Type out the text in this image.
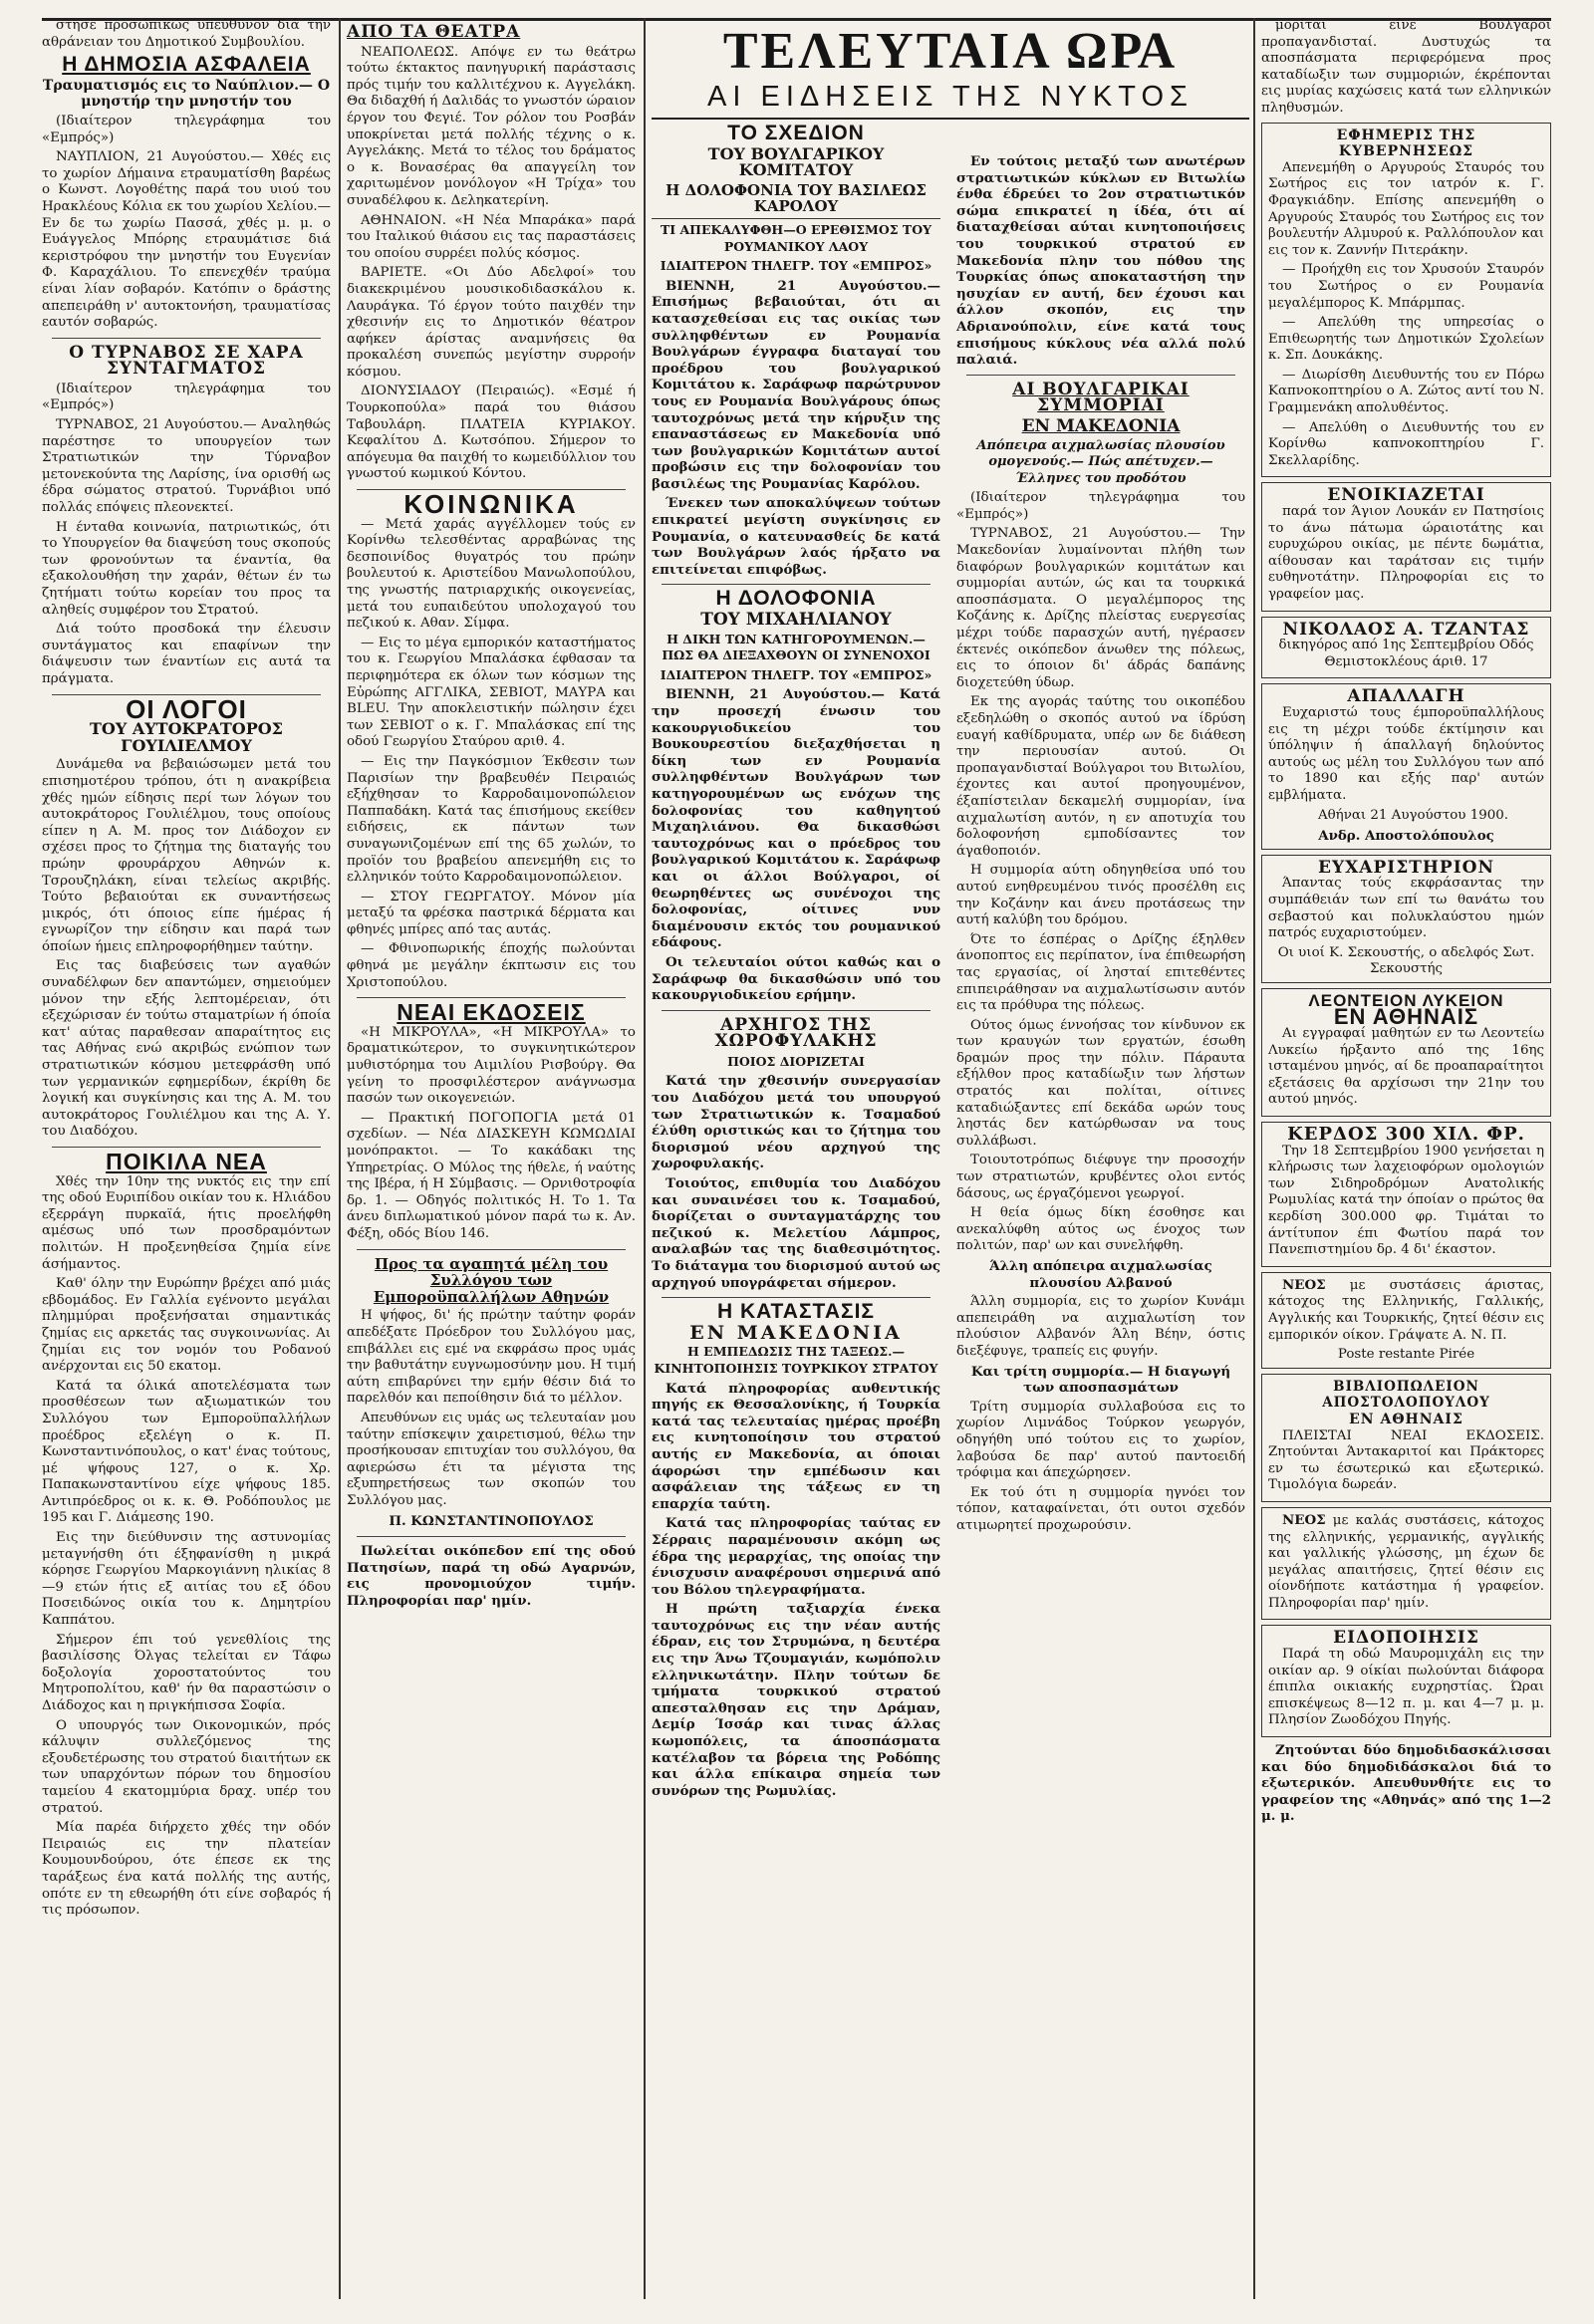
στησε προσωπικώς υπεύθυνον διά την αθράνειαν του Δημοτικού Συμβουλίου.

Η ΔΗΜΟΣΙΑ ΑΣΦΑΛΕΙΑ
Τραυματισμός εις το Ναύπλιον.— Ο μνηστήρ την μνηστήν του

(Ιδιαίτερον τηλεγράφημα του «Εμπρός»)

ΝΑΥΠΛΙΟΝ, 21 Αυγούστου.— Χθές εις το χωρίον Δήμαινα ετραυματίσθη βαρέως ο Κωνστ. Λογοθέτης παρά του υιού του Ηρακλέους Κόλια εκ του χωρίου Χελίου.—Εν δε τω χωρίω Πασσά, χθές μ. μ. ο Ευάγγελος Μπόρης ετραυμάτισε διά κεριστρόφου την μνηστήν του Ευγενίαν Φ. Καραχάλιου. Το επενεχθέν τραύμα είναι λίαν σοβαρόν. Κατόπιν ο δράστης απεπειράθη ν' αυτοκτονήση, τραυματίσας εαυτόν σοβαρώς.

Ο ΤΥΡΝΑΒΟΣ ΣΕ ΧΑΡΑ ΣΥΝΤΑΓΜΑΤΟΣ

(Ιδιαίτερον τηλεγράφημα του «Εμπρός»)

ΤΥΡΝΑΒΟΣ, 21 Αυγούστου.— Αναληθώς παρέστησε το υπουργείον των Στρατιωτικών την Τύρναβον μετονεκούντα της Λαρίσης, ίνα ορισθή ως έδρα σώματος στρατού. Τυρνάβιοι υπό πολλάς επόψεις πλεονεκτεί.

Η ένταθα κοινωνία, πατριωτικώς, ότι το Υπουργείον θα διαψεύση τους σκοπούς των φρονούντων τα έναντία, θα εξακολουθήση την χαράν, θέτων έν τω ζητήματι τούτω κορείαν του προς τα αληθείς συμφέρον του Στρατού.

Διά τούτο προσδοκά την έλευσιν συντάγματος και επαφίνων την διάψευσιν των έναντίων εις αυτά τα πράγματα.

ΟΙ ΛΟΓΟΙ
ΤΟΥ ΑΥΤΟΚΡΑΤΟΡΟΣ ΓΟΥΙΛΙΕΛΜΟΥ

Δυνάμεθα να βεβαιώσωμεν μετά του επισημοτέρου τρόπου, ότι η ανακρίβεια χθές ημών είδησις περί των λόγων του αυτοκράτορος Γουλιέλμου, τους οποίους είπεν η Α. Μ. προς τον Διάδοχον εν σχέσει προς το ζήτημα της διαταγής του πρώην φρουράρχου Αθηνών κ. Τσρουζηλάκη, είναι τελείως ακριβής. Τούτο βεβαιούται εκ συναντήσεως μικρός, ότι όποιος είπε ήμέρας ή εγνωρίζον την είδησιν και παρά των όποίων ήμεις επληροφορήθημεν ταύτην.

Εις τας διαβεύσεις των αγαθών συναδέλφων δεν απαντώμεν, σημειούμεν μόνον την εξής λεπτομέρειαν, ότι εξεχώρισαν έν τούτω σταματρίων ή όποία κατ' αύτας παραθεσαν απαραίτητος εις τας Αθήνας ενώ ακριβώς ενώπιον των στρατιωτικών κόσμου μετεφράσθη υπό των γερμανικών εφημερίδων, έκρίθη δε λογική και συγκίνησις και της Α. Μ. του αυτοκράτορος Γουλιέλμου και της Α. Υ. του Διαδόχου.

ΠΟΙΚΙΛΑ ΝΕΑ

Χθές την 10ην της νυκτός εις την επί της οδού Ευριπίδου οικίαν του κ. Ηλιάδου εξερράγη πυρκαϊά, ήτις προελήφθη αμέσως υπό των προσδραμόντων πολιτών. Η προξενηθείσα ζημία είνε άσήμαντος.

Καθ' όλην την Ευρώπην βρέχει από μιάς εβδομάδος. Εν Γαλλία εγένοντο μεγάλαι πλημμύραι προξενήσαται σημαντικάς ζημίας εις αρκετάς τας συγκοινωνίας. Αι ζημίαι εις τον νομόν του Ροδανού ανέρχονται εις 50 εκατομ.

Κατά τα όλικά αποτελέσματα των προσθέσεων των αξιωματικών του Συλλόγου των Εμποροϋπαλλήλων προέδρος εξελέγη ο κ. Π. Κωνσταντινόπουλος, ο κατ' ένας τούτους, μέ ψήφους 127, ο κ. Χρ. Παπακωνσταντίνου είχε ψήφους 185. Αντιπρόεδρος οι κ. κ. Θ. Ροδόπουλος με 195 και Γ. Διάμεσης 190.

Εις την διεύθυνσιν της αστυνομίας μεταγνήσθη ότι έξηφανίσθη η μικρά κόρησε Γεωργίου Μαρκογιάννη ηλικίας 8—9 ετών ήτις εξ αιτίας του εξ όδου Ποσειδώνος οικία του κ. Δημητρίου Καππάτου.

Σήμερον έπι τού γενεθλίοις της βασιλίσσης Όλγας τελείται εν Τάφω δοξολογία χοροστατούντος του Μητροπολίτου, καθ' ήν θα παραστώσιν ο Διάδοχος και η πριγκήπισσα Σοφία.

Ο υπουργός των Οικονομικών, πρός κάλυψιν συλλεζόμενος της εξουδετέρωσης του στρατού διαιτήτων εκ των υπαρχόντων πόρων του δημοσίου ταμείου 4 εκατομμύρια δραχ. υπέρ του στρατού.

Μία παρέα διήρχετο χθές την οδόν Πειραιώς εις την πλατείαν Κουμουνδούρου, ότε έπεσε εκ της ταράξεως ένα κατά πολλής της αυτής, οπότε εν τη εθεωρήθη ότι είνε σοβαρός ή τις πρόσωπον.

ΑΠΟ ΤΑ ΘΕΑΤΡΑ

ΝΕΑΠΟΛΕΩΣ. Απόψε εν τω θεάτρω τούτω έκτακτος πανηγυρική παράστασις πρός τιμήν του καλλιτέχνου κ. Αγγελάκη. Θα διδαχθή ή Δαλιδάς το γνωστόν ώραιον έργον του Φεγιέ. Τον ρόλον του Ροσβάν υποκρίνεται μετά πολλής τέχνης ο κ. Αγγελάκης. Μετά το τέλος του δράματος ο κ. Βονασέρας θα απαγγείλη τον χαριτωμένον μονόλογον «Η Τρίχα» του συναδέλφου κ. Δεληκατερίνη.

ΑΘΗΝΑΙΟΝ. «Η Νέα Μπαράκα» παρά του Ιταλικού θιάσου εις τας παραστάσεις του οποίου συρρέει πολύς κόσμος.

ΒΑΡΙΕΤΕ. «Οι Δύο Αδελφοί» του διακεκριμένου μουσικοδιδασκάλου κ. Λαυράγκα. Τό έργον τούτο παιχθέν την χθεσινήν εις το Δημοτικόν θέατρον αφήκεν άρίστας αναμνήσεις θα προκαλέση συνεπώς μεγίστην συρροήν κόσμου.

ΔΙΟΝΥΣΙΑΔΟΥ (Πειραιώς). «Εσμέ ή Τουρκοπούλα» παρά του θιάσου Ταβουλάρη. ΠΛΑΤΕΙΑ ΚΥΡΙΑΚΟΥ. Κεφαλίτου Δ. Κωτσόπου. Σήμερον το απόγευμα θα παιχθή το κωμειδύλλιον του γνωστού κωμικού Κόντου.

ΚΟΙΝΩΝΙΚΑ

— Μετά χαράς αγγέλλομεν τούς εν Κορίνθω τελεσθέντας αρραβώνας της δεσποινίδος θυγατρός του πρώην βουλευτού κ. Αριστείδου Μανωλοπούλου, της γνωστής πατριαρχικής οικογενείας, μετά του ευπαιδεύτου υπολοχαγού του πεζικού κ. Αθαν. Σίμφα.

— Εις το μέγα εμπορικόν καταστήματος του κ. Γεωργίου Μπαλάσκα έφθασαν τα περιφημότερα εκ όλων των κόσμων της Εὐρώπης ΑΓΓΛΙΚΑ, ΣΕΒΙΟΤ, ΜΑΥΡΑ και BLEU. Την αποκλειστικήν πώλησιν έχει των ΣΕΒΙΟΤ ο κ. Γ. Μπαλάσκας επί της οδού Γεωργίου Σταύρου αριθ. 4.

— Εις την Παγκόσμιον Έκθεσιν των Παρισίων την βραβευθέν Πειραιώς εξήχθησαν το Καρροδαιμονοπώλειον Παππαδάκη. Κατά τας έπισήμους εκείθεν ειδήσεις, εκ πάντων των συναγωνιζομένων επί της 65 χωλών, το προϊόν του βραβείου απενεμήθη εις το ελληνικόν τούτο Καρροδαιμονοπώλειον.

— ΣΤΟΥ ΓΕΩΡΓΑΤΟΥ. Μόνον μία μεταξύ τα φρέσκα παστρικά δέρματα και φθηνές μπίρες από τας αυτάς.

— Φθινοπωρικής έποχής πωλούνται φθηνά με μεγάλην έκπτωσιν εις του Χριστοπούλου.

ΝΕΑΙ ΕΚΔΟΣΕΙΣ

«Η ΜΙΚΡΟΥΛΑ», «Η ΜΙΚΡΟΥΛΑ» το δραματικώτερον, το συγκινητικώτερον μυθιστόρημα του Αιμιλίου Ρισβούργ. Θα γείνη το προσφιλέστερον ανάγνωσμα πασών των οικογενειών.

— Πρακτική ΠΟΓΟΠΟΓΙΑ μετά 01 σχεδίων. — Νέα ΔΙΑΣΚΕΥΗ ΚΩΜΩΔΙΑΙ μονόπρακτοι. — Το κακάδακι της Υπηρετρίας. Ο Μύλος της ήθελε, ή ναύτης της Ιβέρα, ή Η Σύμβασις. — Ορνιθοτροφία δρ. 1. — Οδηγός πολιτικός Η. Το 1. Τα άνευ διπλωματικού μόνον παρά τω κ. Αν. Φέξη, οδός Βίου 146.

Προς τα αγαπητά μέλη του Συλλόγου των Εμποροϋπαλλήλων Αθηνών

Η ψήφος, δι' ής πρώτην ταύτην φοράν απεδέξατε Πρόεδρον του Συλλόγου μας, επιβάλλει εις εμέ να εκφράσω προς υμάς την βαθυτάτην ευγνωμοσύνην μου. Η τιμή αύτη επιβαρύνει την εμήν θέσιν διά το παρελθόν και πεποίθησιν διά το μέλλον.

Απευθύνων εις υμάς ως τελευταίαν μου ταύτην επίσκεψιν χαιρετισμού, θέλω την προσήκουσαν επιτυχίαν του συλλόγου, θα αφιερώσω έτι τα μέγιστα της εξυπηρετήσεως των σκοπών του Συλλόγου μας.

Π. ΚΩΝΣΤΑΝΤΙΝΟΠΟΥΛΟΣ

Πωλείται οικόπεδον επί της οδού Πατησίων, παρά τη οδώ Αγαρνών, εις προνομιούχον τιμήν. Πληροφορίαι παρ' ημίν.

ΤΕΛΕΥΤΑΙΑ ΩΡΑ
ΑΙ ΕΙΔΗΣΕΙΣ ΤΗΣ ΝΥΚΤΟΣ
ΤΟ ΣΧΕΔΙΟΝ
ΤΟΥ ΒΟΥΛΓΑΡΙΚΟΥ ΚΟΜΙΤΑΤΟΥ
Η ΔΟΛΟΦΟΝΙΑ ΤΟΥ ΒΑΣΙΛΕΩΣ ΚΑΡΟΛΟΥ
ΤΙ ΑΠΕΚΑΛΥΦΘΗ—Ο ΕΡΕΘΙΣΜΟΣ ΤΟΥ ΡΟΥΜΑΝΙΚΟΥ ΛΑΟΥ
ΙΔΙΑΙΤΕΡΟΝ ΤΗΛΕΓΡ. ΤΟΥ «ΕΜΠΡΟΣ»

ΒΙΕΝΝΗ, 21 Αυγούστου.— Επισήμως βεβαιούται, ότι αι κατασχεθείσαι εις τας οικίας των συλληφθέντων εν Ρουμανία Βουλγάρων έγγραφα διαταγαί του προέδρου του βουλγαρικού Κομιτάτου κ. Σαράφωφ παρώτρυνον τους εν Ρουμανία Βουλγάρους όπως ταυτοχρόνως μετά την κήρυξιν της επαναστάσεως εν Μακεδονία υπό των βουλγαρικών Κομιτάτων αυτοί προβώσιν εις την δολοφονίαν του βασιλέως της Ρουμανίας Καρόλου.

Ένεκεν των αποκαλύψεων τούτων επικρατεί μεγίστη συγκίνησις εν Ρουμανία, ο κατευνασθείς δε κατά των Βουλγάρων λαός ήρξατο να επιτείνεται επιφόβως.

Η ΔΟΛΟΦΟΝΙΑ
ΤΟΥ ΜΙΧΑΗΛΙΑΝΟΥ
Η ΔΙΚΗ ΤΩΝ ΚΑΤΗΓΟΡΟΥΜΕΝΩΝ.— ΠΩΣ ΘΑ ΔΙΕΞΑΧΘΟΥΝ ΟΙ ΣΥΝΕΝΟΧΟΙ
ΙΔΙΑΙΤΕΡΟΝ ΤΗΛΕΓΡ. ΤΟΥ «ΕΜΠΡΟΣ»

ΒΙΕΝΝΗ, 21 Αυγούστου.— Κατά την προσεχή ένωσιν του κακουργιοδικείου του Βουκουρεστίου διεξαχθήσεται η δίκη των εν Ρουμανία συλληφθέντων Βουλγάρων των κατηγορουμένων ως ενόχων της δολοφονίας του καθηγητού Μιχαηλιάνου. Θα δικασθώσι ταυτοχρόνως και ο πρόεδρος του βουλγαρικού Κομιτάτου κ. Σαράφωφ και οι άλλοι Βούλγαροι, οί θεωρηθέντες ως συνένοχοι της δολοφονίας, οίτινες νυν διαμένουσιν εκτός του ρουμανικού εδάφους.

Οι τελευταίοι ούτοι καθώς και ο Σαράφωφ θα δικασθώσιν υπό του κακουργιοδικείου ερήμην.

ΑΡΧΗΓΟΣ ΤΗΣ ΧΩΡΟΦΥΛΑΚΗΣ
ΠΟΙΟΣ ΔΙΟΡΙΖΕΤΑΙ

Κατά την χθεσινήν συνεργασίαν του Διαδόχου μετά του υπουργού των Στρατιωτικών κ. Τσαμαδού έλύθη οριστικώς και το ζήτημα του διορισμού νέου αρχηγού της χωροφυλακής.

Τοιούτος, επιθυμία του Διαδόχου και συναινέσει του κ. Τσαμαδού, διορίζεται ο συνταγματάρχης του πεζικού κ. Μελετίου Λάμπρος, αναλαβών τας της διαθεσιμότητος. Το διάταγμα του διορισμού αυτού ως αρχηγού υπογράφεται σήμερον.

Η ΚΑΤΑΣΤΑΣΙΣ
ΕΝ ΜΑΚΕΔΟΝΙΑ
Η ΕΜΠΕΔΩΣΙΣ ΤΗΣ ΤΑΞΕΩΣ.—ΚΙΝΗΤΟΠΟΙΗΣΙΣ ΤΟΥΡΚΙΚΟΥ ΣΤΡΑΤΟΥ

Κατά πληροφορίας αυθεντικής πηγής εκ Θεσσαλονίκης, ή Τουρκία κατά τας τελευταίας ημέρας προέβη εις κινητοποίησιν του στρατού αυτής εν Μακεδονία, αι όποιαι άφορώσι την εμπέδωσιν και ασφάλειαν της τάξεως εν τη επαρχία ταύτη.

Κατά τας πληροφορίας ταύτας εν Σέρραις παραμένουσιν ακόμη ως έδρα της μεραρχίας, της οποίας την ένισχυσιν αναφέρουσι σημερινά από του Βόλου τηλεγραφήματα.

Η πρώτη ταξιαρχία ένεκα ταυτοχρόνως εις την νέαν αυτής έδραν, εις τον Στρυμώνα, η δευτέρα εις την Άνω Τζουμαγιάν, κωμόπολιν ελληνικωτάτην. Πλην τούτων δε τμήματα τουρκικού στρατού απεσταλθησαν εις την Δράμαν, Δεμίρ Ίσσάρ και τινας άλλας κωμοπόλεις, τα άποσπάσματα κατέλαβον τα βόρεια της Ροδόπης και άλλα επίκαιρα σημεία των συνόρων της Ρωμυλίας.

Εν τούτοις μεταξύ των ανωτέρων στρατιωτικών κύκλων εν Βιτωλίω ένθα έδρεύει το 2ον στρατιωτικόν σώμα επικρατεί η ίδέα, ότι αί διαταχθείσαι αύται κινητοποιήσεις του τουρκικού στρατού εν Μακεδονία πλην του πόθου της Τουρκίας όπως αποκαταστήση την ησυχίαν εν αυτή, δεν έχουσι και άλλον σκοπόν, εις την Αδριανούπολιν, είνε κατά τους επισήμους κύκλους νέα αλλά πολύ παλαιά.

ΑΙ ΒΟΥΛΓΑΡΙΚΑΙ ΣΥΜΜΟΡΙΑΙ
ΕΝ ΜΑΚΕΔΟΝΙΑ
Απόπειρα αιχμαλωσίας πλουσίου ομογενούς.— Πώς απέτυχεν.—Έλληνες του προδότου

(Ιδιαίτερον τηλεγράφημα του «Εμπρός»)

ΤΥΡΝΑΒΟΣ, 21 Αυγούστου.— Την Μακεδονίαν λυμαίνονται πλήθη των διαφόρων βουλγαρικών κομιτάτων και συμμορίαι αυτών, ώς και τα τουρκικά αποσπάσματα. Ο μεγαλέμπορος της Κοζάνης κ. Δρίζης πλείστας ευεργεσίας μέχρι τούδε παρασχών αυτή, ηγέρασεν έκτενές οικόπεδον άνωθεν της πόλεως, εις το όποιον δι' άδράς δαπάνης διοχετεύθη ύδωρ.

Εκ της αγοράς ταύτης του οικοπέδου εξεδηλώθη ο σκοπός αυτού να ίδρύση ευαγή καθίδρυματα, υπέρ ων δε διάθεση την περιουσίαν αυτού. Οι προπαγανδισταί Βούλγαροι του Βιτωλίου, έχοντες και αυτοί προηγουμένον, έξαπίστειλαν δεκαμελή συμμορίαν, ίνα αιχμαλωτίση αυτόν, η εν αποτυχία του δολοφονήση εμποδίσαντες τον άγαθοποιόν.

Η συμμορία αύτη οδηγηθείσα υπό του αυτού ενηθρευμένου τινός προσέλθη εις την Κοζάνην και άνευ προτάσεως την αυτή καλύβη του δρόμου.

Ότε το έσπέρας ο Δρίζης έξηλθεν άνοποπτος εις περίπατον, ίνα έπιθεωρήση τας εργασίας, οί λησταί επιτεθέντες επιπειράθησαν να αιχμαλωτίσωσιν αυτόν εις τα πρόθυρα της πόλεως.

Ούτος όμως έννοήσας τον κίνδυνον εκ των κραυγών των εργατών, έσωθη δραμών προς την πόλιν. Πάραυτα εξήλθον προς καταδίωξιν των λήστων στρατός και πολίται, οίτινες καταδιώξαντες επί δεκάδα ωρών τους ληστάς δεν κατώρθωσαν να τους συλλάβωσι.

Τοιουτοτρόπως διέφυγε την προσοχήν των στρατιωτών, κρυβέντες ολοι εντός δάσους, ως έργαζόμενοι γεωργοί.

Η θεία όμως δίκη έσοθησε και ανεκαλύφθη αύτος ως ένοχος των πολιτών, παρ' ων και συνελήφθη.

Άλλη απόπειρα αιχμαλωσίας πλουσίου Αλβανού

Άλλη συμμορία, εις το χωρίον Κυνάμι απεπειράθη να αιχμαλωτίση τον πλούσιον Αλβανόν Άλη Βέην, όστις διεξέφυγε, τραπείς εις φυγήν.

Και τρίτη συμμορία.— Η διαγωγή των αποσπασμάτων

Τρίτη συμμορία συλλαβούσα εις το χωρίον Λιμνάδος Τούρκον γεωργόν, οδηγήθη υπό τούτου εις το χωρίον, λαβούσα δε παρ' αυτού παντοειδή τρόφιμα και άπεχώρησεν.

Εκ τού ότι η συμμορία ηγνόει τον τόπον, καταφαίνεται, ότι ουτοι σχεδόν ατιμωρητεί προχωρούσιν.

μορίται είνε Βούλγαροι προπαγανδισταί. Δυστυχώς τα αποσπάσματα περιφερόμενα προς καταδίωξιν των συμμοριών, έκρέπονται εις μυρίας καχώσεις κατά των ελληνικών πληθυσμών.

ΕΦΗΜΕΡΙΣ ΤΗΣ ΚΥΒΕΡΝΗΣΕΩΣ

Απενεμήθη ο Αργυρούς Σταυρός του Σωτήρος εις τον ιατρόν κ. Γ. Φραγκιάδην. Επίσης απενεμήθη ο Αργυρούς Σταυρός του Σωτήρος εις τον βουλευτήν Αλμυρού κ. Ραλλόπουλον και εις τον κ. Ζαννήν Πιτεράκην.

— Προήχθη εις τον Χρυσούν Σταυρόν του Σωτήρος ο εν Ρουμανία μεγαλέμπορος Κ. Μπάρμπας.

— Απελύθη της υπηρεσίας ο Επιθεωρητής των Δημοτικών Σχολείων κ. Σπ. Δουκάκης.

— Διωρίσθη Διευθυντής του εν Πόρω Καπνοκοπτηρίου ο Α. Ζώτος αντί του Ν. Γραμμενάκη απολυθέντος.

— Απελύθη ο Διευθυντής του εν Κορίνθω καπνοκοπτηρίου Γ. Σκελλαρίδης.

ΕΝΟΙΚΙΑΖΕΤΑΙ

παρά τον Άγιον Λουκάν εν Πατησίοις το άνω πάτωμα ώραιοτάτης και ευρυχώρου οικίας, με πέντε δωμάτια, αίθουσαν και ταράτσαν εις τιμήν ευθηνοτάτην. Πληροφορίαι εις το γραφείον μας.

ΝΙΚΟΛΑΟΣ Α. ΤΖΑΝΤΑΣ

δικηγόρος από 1ης Σεπτεμβρίου Οδός Θεμιστοκλέους άριθ. 17

ΑΠΑΛΛΑΓΗ

Ευχαριστώ τους έμποροϋπαλλήλους εις τη μέχρι τούδε έκτίμησιν και ύπόληψιν ή άπαλλαγή δηλούντος αυτούς ως μέλη του Συλλόγου των από το 1890 και εξής παρ' αυτών εμβλήματα.

Αθήναι 21 Αυγούστου 1900.

Ανδρ. Αποστολόπουλος
ΕΥΧΑΡΙΣΤΗΡΙΟΝ

Άπαντας τούς εκφράσαντας την συμπάθειάν των επί τω θανάτω του σεβαστού και πολυκλαύστου ημών πατρός ευχαριστούμεν.

Οι υιοί Κ. Σεκουστής, ο αδελφός Σωτ. Σεκουστής
ΛΕΟΝΤΕΙΟΝ ΛΥΚΕΙΟΝ
ΕΝ ΑΘΗΝΑΙΣ

Αι εγγραφαί μαθητών εν τω Λεοντείω Λυκείω ήρξαντο από της 16ης ισταμένου μηνός, αί δε προαπαραίτητοι εξετάσεις θα αρχίσωσι την 21ην του αυτού μηνός.

ΚΕΡΔΟΣ 300 ΧΙΛ. ΦΡ.

Την 18 Σεπτεμβρίου 1900 γενήσεται η κλήρωσις των λαχειοφόρων ομολογιών των Σιδηροδρόμων Ανατολικής Ρωμυλίας κατά την όποίαν ο πρώτος θα κερδίση 300.000 φρ. Τιμάται το άντίτυπον έπι Φωτίου παρά τον Πανεπιστημίου δρ. 4 δι' έκαστον.

ΝΕΟΣ με συστάσεις άριστας, κάτοχος της Ελληνικής, Γαλλικής, Αγγλικής και Τουρκικής, ζητεί θέσιν εις εμπορικόν οίκον. Γράψατε Α. Ν. Π.

Poste restante Pirée
ΒΙΒΛΙΟΠΩΛΕΙΟΝ ΑΠΟΣΤΟΛΟΠΟΥΛΟΥ
ΕΝ ΑΘΗΝΑΙΣ

ΠΛΕΙΣΤΑΙ ΝΕΑΙ ΕΚΔΟΣΕΙΣ. Ζητούνται Άντακαριτοί και Πράκτορες εν τω έσωτερικώ και εξωτερικώ. Τιμολόγια δωρεάν.

ΝΕΟΣ με καλάς συστάσεις, κάτοχος της ελληνικής, γερμανικής, αγγλικής και γαλλικής γλώσσης, μη έχων δε μεγάλας απαιτήσεις, ζητεί θέσιν εις οίονδήποτε κατάστημα ή γραφείον. Πληροφορίαι παρ' ημίν.

ΕΙΔΟΠΟΙΗΣΙΣ

Παρά τη οδώ Μαυρομιχάλη εις την οικίαν αρ. 9 οίκίαι πωλούνται διάφορα έπιπλα οικιακής ευχρηστίας. Ώραι επισκέψεως 8—12 π. μ. και 4—7 μ. μ. Πλησίον Ζωοδόχου Πηγής.

Ζητούνται δύο δημοδιδασκάλισσαι και δύο δημοδιδάσκαλοι διά το εξωτερικόν. Απευθυνθήτε εις το γραφείον της «Αθηνάς» από της 1—2 μ. μ.
